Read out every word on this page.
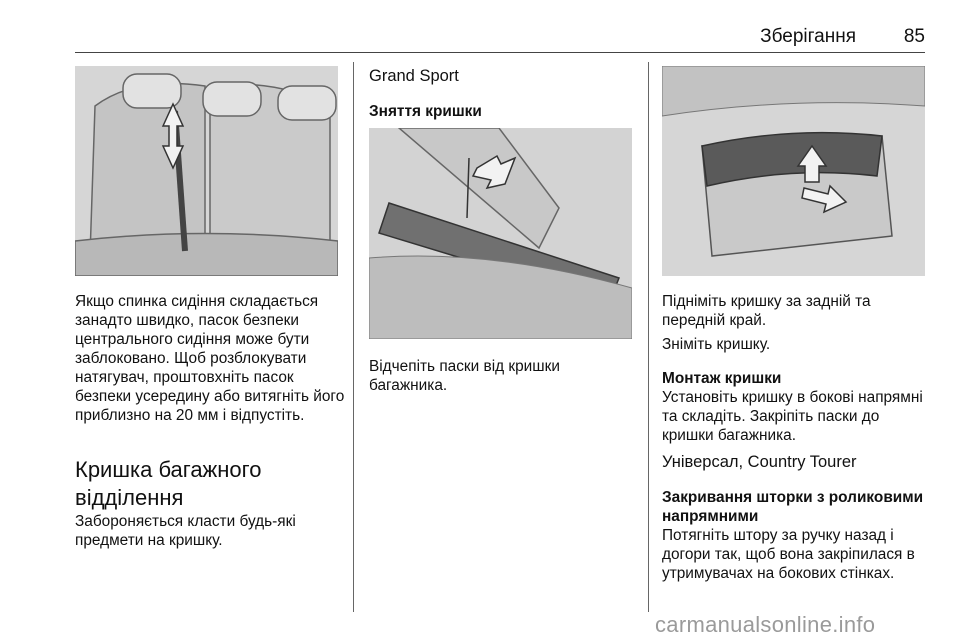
Зберігання	85
Якщо спинка сидіння складається занадто швидко, пасок безпеки центрального сидіння може бути заблоковано. Щоб розблокувати натягувач, проштовхніть пасок безпеки усередину або витягніть його приблизно на 20 мм і відпустіть.
Кришка багажного відділення
Забороняється класти будь-які предмети на кришку.
Grand Sport
Зняття кришки
Відчепіть паски від кришки багажника.
Підніміть кришку за задній та передній край.
Зніміть кришку.
Монтаж кришки
Установіть кришку в бокові напрямні та складіть. Закріпіть паски до кришки багажника.
Універсал, Country Tourer
Закривання шторки з роликовими напрямними
Потягніть штору за ручку назад і догори так, щоб вона закріпилася в утримувачах на бокових стінках.
carmanualsonline.info
